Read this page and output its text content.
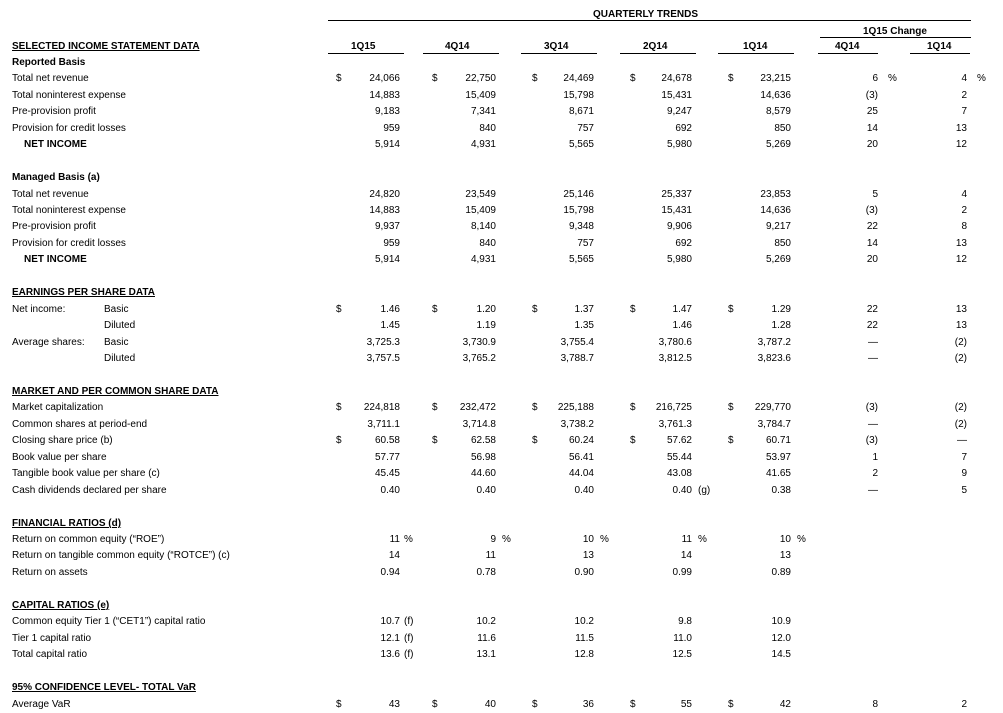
QUARTERLY TRENDS
1Q15 Change
SELECTED INCOME STATEMENT DATA	1Q15	4Q14	3Q14	2Q14	1Q14	4Q14	1Q14
Reported Basis
Total net revenue	$	24,066	$	22,750	$	24,469	$	24,678	$	23,215	6 %	4 %
Total noninterest expense	14,883	15,409	15,798	15,431	14,636	(3)	2
Pre-provision profit	9,183	7,341	8,671	9,247	8,579	25	7
Provision for credit losses	959	840	757	692	850	14	13
NET INCOME	5,914	4,931	5,565	5,980	5,269	20	12
Managed Basis (a)
Total net revenue	24,820	23,549	25,146	25,337	23,853	5	4
Total noninterest expense	14,883	15,409	15,798	15,431	14,636	(3)	2
Pre-provision profit	9,937	8,140	9,348	9,906	9,217	22	8
Provision for credit losses	959	840	757	692	850	14	13
NET INCOME	5,914	4,931	5,565	5,980	5,269	20	12
EARNINGS PER SHARE DATA
Net income:	Basic	$	1.46	$	1.20	$	1.37	$	1.47	$	1.29	22	13
Diluted	1.45	1.19	1.35	1.46	1.28	22	13
Average shares: Basic	3,725.3	3,730.9	3,755.4	3,780.6	3,787.2	—	(2)
Diluted	3,757.5	3,765.2	3,788.7	3,812.5	3,823.6	—	(2)
MARKET AND PER COMMON SHARE DATA
Market capitalization	$ 224,818	$ 232,472	$ 225,188	$ 216,725	$ 229,770	(3)	(2)
Common shares at period-end	3,711.1	3,714.8	3,738.2	3,761.3	3,784.7	—	(2)
Closing share price (b)	$	60.58	$	62.58	$	60.24	$	57.62	$	60.71	(3)	—
Book value per share	57.77	56.98	56.41	55.44	53.97	1	7
Tangible book value per share (c)	45.45	44.60	44.04	43.08	41.65	2	9
Cash dividends declared per share	0.40	0.40	0.40	0.40 (g)	0.38	—	5
FINANCIAL RATIOS (d)
Return on common equity (“ROE”)	11 %	9 %	10 %	11 %	10 %
Return on tangible common equity (“ROTCE”) (c)	14	11	13	14	13
Return on assets	0.94	0.78	0.90	0.99	0.89
CAPITAL RATIOS (e)
Common equity Tier 1 (“CET1”) capital ratio	10.7 (f)	10.2	10.2	9.8	10.9
Tier 1 capital ratio	12.1 (f)	11.6	11.5	11.0	12.0
Total capital ratio	13.6 (f)	13.1	12.8	12.5	14.5
95% CONFIDENCE LEVEL- TOTAL VaR
Average VaR	$	43	$	40	$	36	$	55	$	42	8	2
